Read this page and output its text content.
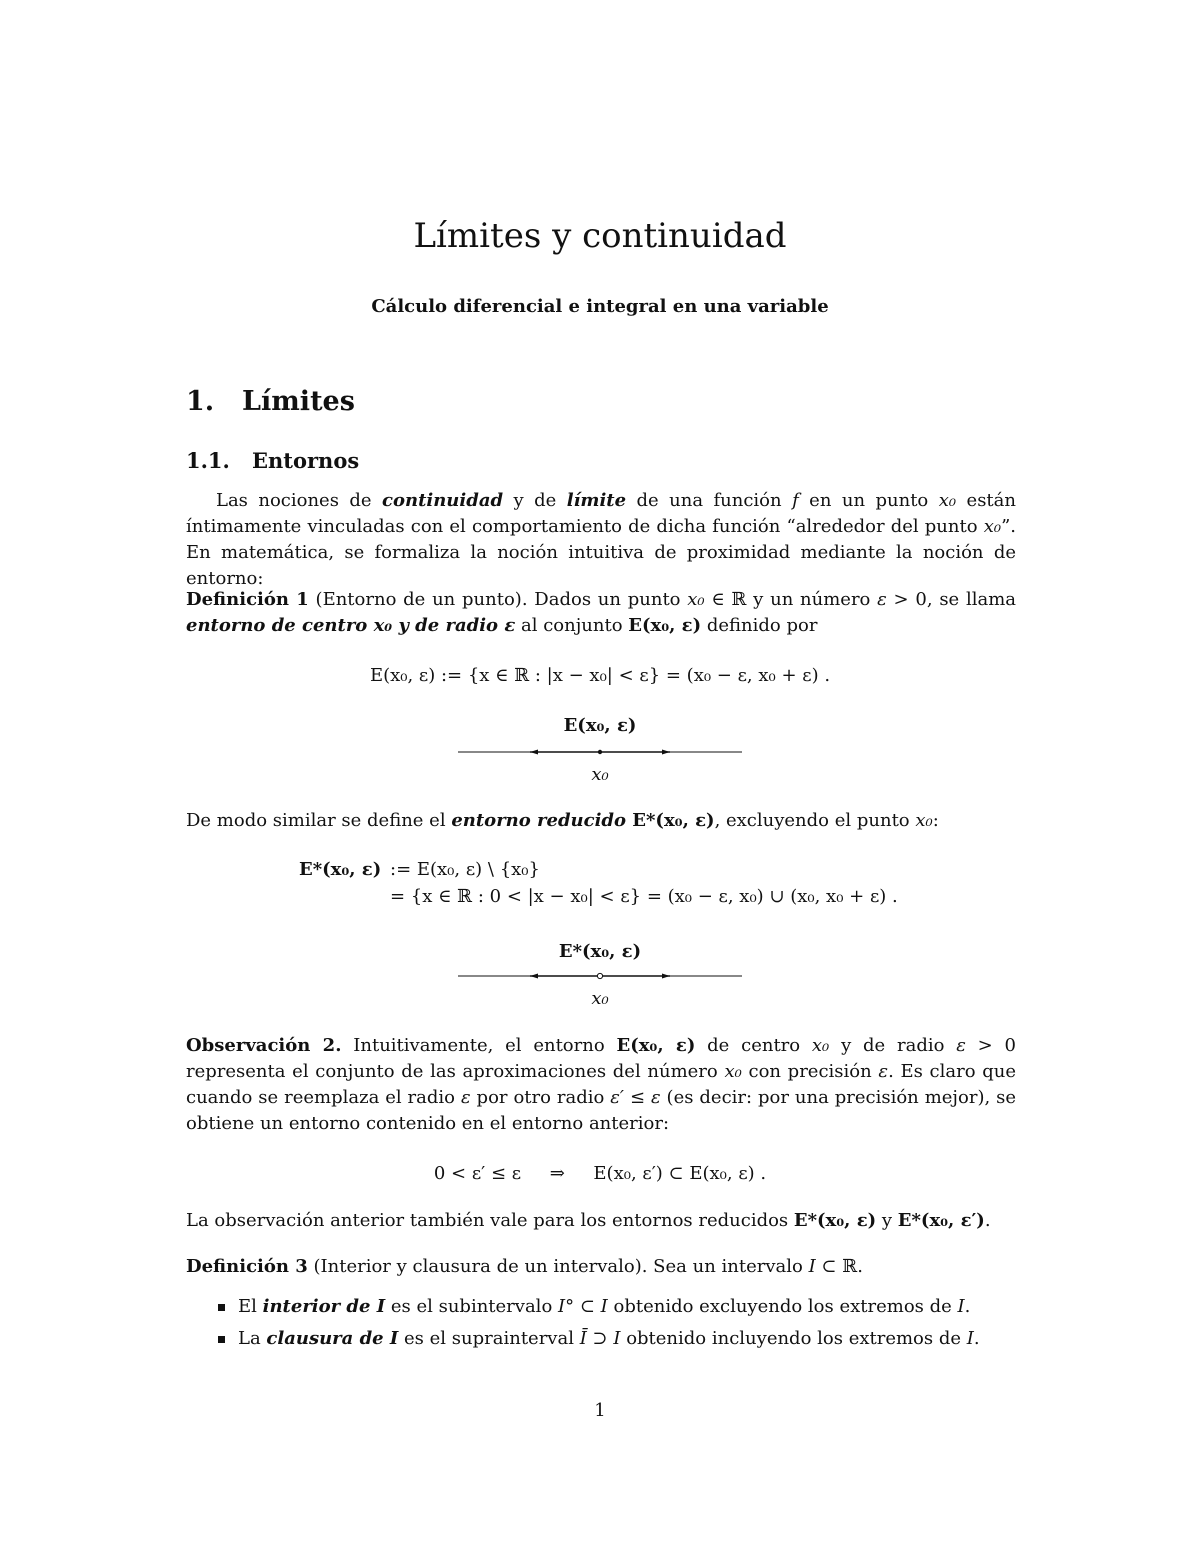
Límites y continuidad
Cálculo diferencial e integral en una variable
1. Límites
1.1. Entornos
Las nociones de continuidad y de límite de una función f en un punto x₀ están íntimamente vinculadas con el comportamiento de dicha función “alrededor del punto x₀”. En matemática, se formaliza la noción intuitiva de proximidad mediante la noción de entorno:
Definición 1 (Entorno de un punto). Dados un punto x₀ ∈ ℝ y un número ε > 0, se llama entorno de centro x₀ y de radio ε al conjunto E(x₀, ε) definido por
E(x₀, ε) := {x ∈ ℝ : |x − x₀| < ε} = (x₀ − ε, x₀ + ε) .
E(x₀, ε)
x₀
De modo similar se define el entorno reducido E*(x₀, ε), excluyendo el punto x₀:
E*(x₀, ε) := E(x₀, ε) \ {x₀}
= {x ∈ ℝ : 0 < |x − x₀| < ε} = (x₀ − ε, x₀) ∪ (x₀, x₀ + ε) .
E*(x₀, ε)
x₀
Observación 2. Intuitivamente, el entorno E(x₀, ε) de centro x₀ y de radio ε > 0 representa el conjunto de las aproximaciones del número x₀ con precisión ε. Es claro que cuando se reemplaza el radio ε por otro radio ε′ ≤ ε (es decir: por una precisión mejor), se obtiene un entorno contenido en el entorno anterior:
0 < ε′ ≤ ε     ⇒     E(x₀, ε′) ⊂ E(x₀, ε) .
La observación anterior también vale para los entornos reducidos E*(x₀, ε) y E*(x₀, ε′).
Definición 3 (Interior y clausura de un intervalo). Sea un intervalo I ⊂ ℝ.
El interior de I es el subintervalo I° ⊂ I obtenido excluyendo los extremos de I.
La clausura de I es el suprainterval Ī ⊃ I obtenido incluyendo los extremos de I.
1
